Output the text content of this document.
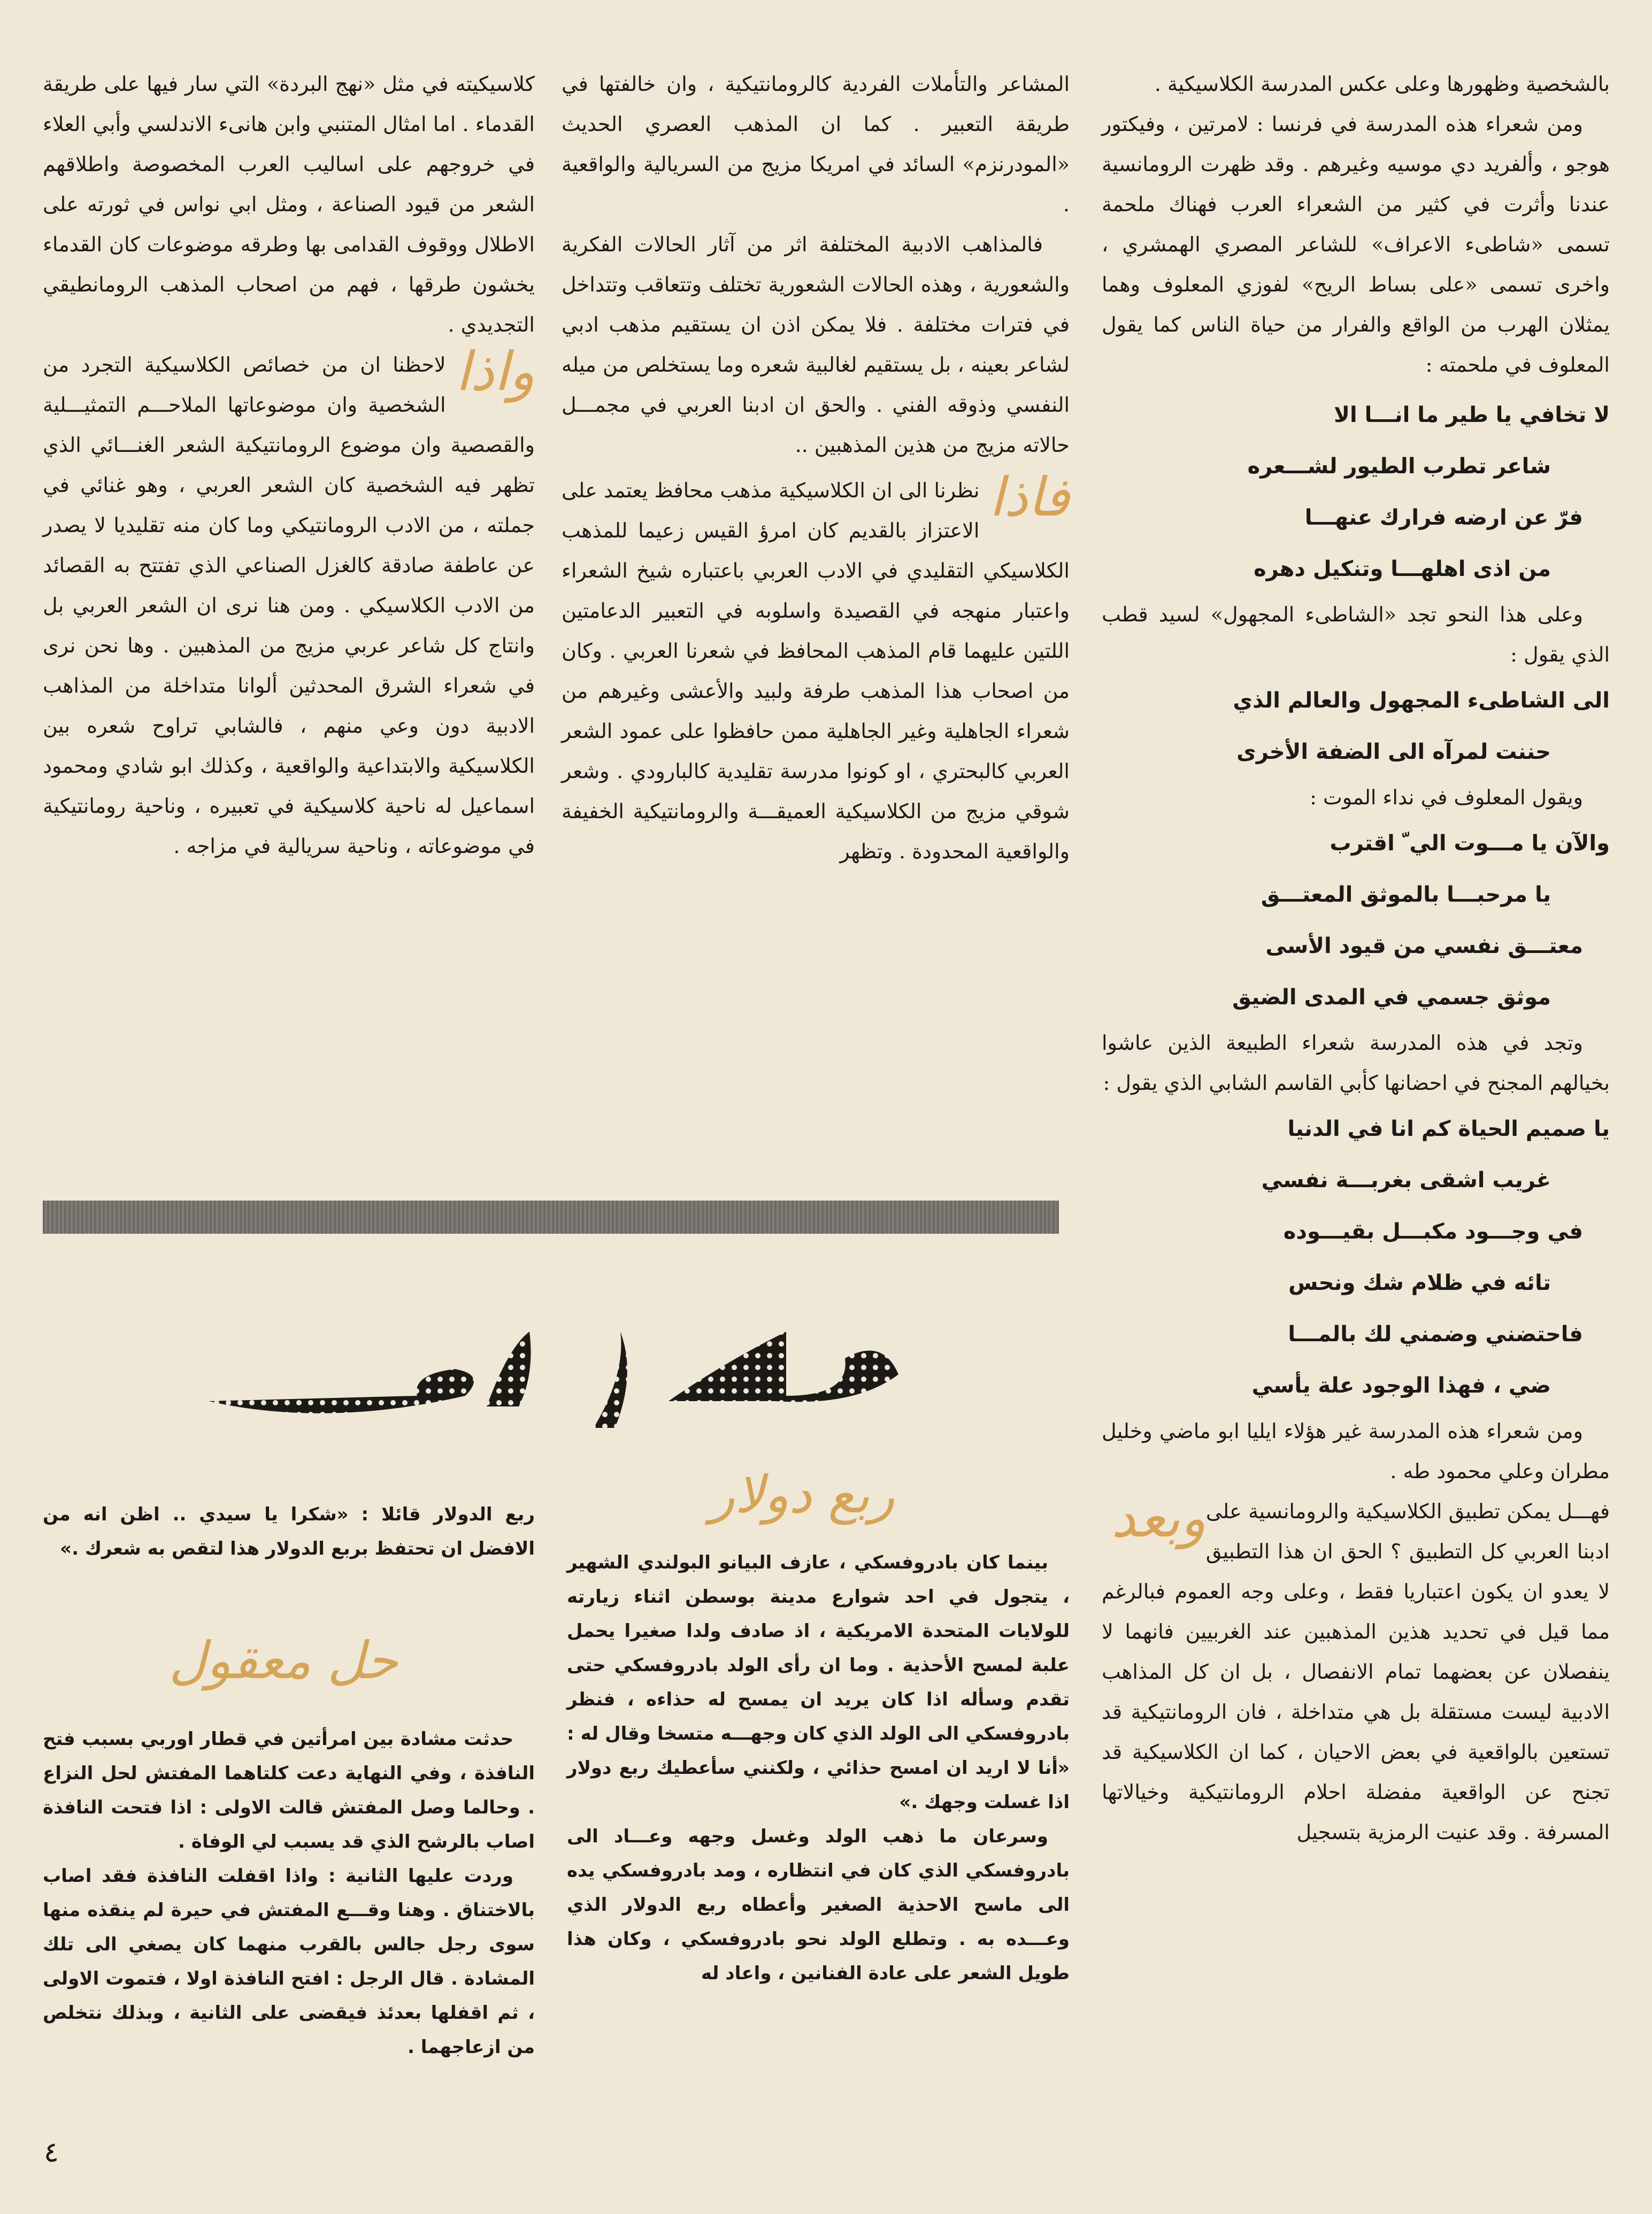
بالشخصية وظهورها وعلى عكس المدرسة الكلاسيكية .

ومن شعراء هذه المدرسة في فرنسا : لامرتين ، وفيكتور هوجو ، وألفريد دي موسيه وغيرهم . وقد ظهرت الرومانسية عندنا وأثرت في كثير من الشعراء العرب فهناك ملحمة تسمى «شاطىء الاعراف» للشاعر المصري الهمشري ، واخرى تسمى «على بساط الريح» لفوزي المعلوف وهما يمثلان الهرب من الواقع والفرار من حياة الناس كما يقول المعلوف في ملحمته :

لا تخافي يا طير ما انـــا الا

شاعر تطرب الطيور لشـــعره

فرّ عن ارضه فرارك عنهـــا

من اذى اهلهـــا وتنكيل دهره

وعلى هذا النحو تجد «الشاطىء المجهول» لسيد قطب الذي يقول :

الى الشاطىء المجهول والعالم الذي

حننت لمرآه الى الضفة الأخرى

ويقول المعلوف في نداء الموت :

والآن يا مـــوت الي ّ اقترب

يا مرحبـــا بالموثق المعتـــق

معتـــق نفسي من قيود الأسى

موثق جسمي في المدى الضيق

وتجد في هذه المدرسة شعراء الطبيعة الذين عاشوا بخيالهم المجنح في احضانها كأبي القاسم الشابي الذي يقول :

يا صميم الحياة كم انا في الدنيا

غريب اشقى بغربـــة نفسي

في وجـــود مكبـــل بقيـــوده

تائه في ظلام شك ونحس

فاحتضني وضمني لك بالمـــا

ضي ، فهذا الوجود علة يأسي

ومن شعراء هذه المدرسة غير هؤلاء ايليا ابو ماضي وخليل مطران وعلي محمود طه .

وبعد فهـــل يمكن تطبيق الكلاسيكية والرومانسية على ادبنا العربي كل التطبيق ؟ الحق ان هذا التطبيق لا يعدو ان يكون اعتباريا فقط ، وعلى وجه العموم فبالرغم مما قيل في تحديد هذين المذهبين عند الغربيين فانهما لا ينفصلان عن بعضهما تمام الانفصال ، بل ان كل المذاهب الادبية ليست مستقلة بل هي متداخلة ، فان الرومانتيكية قد تستعين بالواقعية في بعض الاحيان ، كما ان الكلاسيكية قد تجنح عن الواقعية مفضلة احلام الرومانتيكية وخيالاتها المسرفة . وقد عنيت الرمزية بتسجيل

المشاعر والتأملات الفردية كالرومانتيكية ، وان خالفتها في طريقة التعبير . كما ان المذهب العصري الحديث «المودرنزم» السائد في امريكا مزيج من السريالية والواقعية .

فالمذاهب الادبية المختلفة اثر من آثار الحالات الفكرية والشعورية ، وهذه الحالات الشعورية تختلف وتتعاقب وتتداخل في فترات مختلفة . فلا يمكن اذن ان يستقيم مذهب ادبي لشاعر بعينه ، بل يستقيم لغالبية شعره وما يستخلص من ميله النفسي وذوقه الفني . والحق ان ادبنا العربي في مجمـــل حالاته مزيج من هذين المذهبين ..

فاذا
نظرنا الى ان الكلاسيكية مذهب محافظ يعتمد على الاعتزاز بالقديم كان امرؤ القيس زعيما للمذهب الكلاسيكي التقليدي في الادب العربي باعتباره شيخ الشعراء واعتبار منهجه في القصيدة واسلوبه في التعبير الدعامتين اللتين عليهما قام المذهب المحافظ في شعرنا العربي . وكان من اصحاب هذا المذهب طرفة ولبيد والأعشى وغيرهم من شعراء الجاهلية وغير الجاهلية ممن حافظوا على عمود الشعر العربي كالبحتري ، او كونوا مدرسة تقليدية كالبارودي . وشعر شوقي مزيج من الكلاسيكية العميقـــة والرومانتيكية الخفيفة والواقعية المحدودة . وتظهر

كلاسيكيته في مثل «نهج البردة» التي سار فيها على طريقة القدماء . اما امثال المتنبي وابن هانىء الاندلسي وأبي العلاء في خروجهم على اساليب العرب المخصوصة واطلاقهم الشعر من قيود الصناعة ، ومثل ابي نواس في ثورته على الاطلال ووقوف القدامى بها وطرقه موضوعات كان القدماء يخشون طرقها ، فهم من اصحاب المذهب الرومانطيقي التجديدي .

واذا
لاحظنا ان من خصائص الكلاسيكية التجرد من الشخصية وان موضوعاتها الملاحـــم التمثيـــلية والقصصية وان موضوع الرومانتيكية الشعر الغنـــائي الذي تظهر فيه الشخصية كان الشعر العربي ، وهو غنائي في جملته ، من الادب الرومانتيكي وما كان منه تقليديا لا يصدر عن عاطفة صادقة كالغزل الصناعي الذي تفتتح به القصائد من الادب الكلاسيكي . ومن هنا نرى ان الشعر العربي بل وانتاج كل شاعر عربي مزيج من المذهبين . وها نحن نرى في شعراء الشرق المحدثين ألوانا متداخلة من المذاهب الادبية دون وعي منهم ، فالشابي تراوح شعره بين الكلاسيكية والابتداعية والواقعية ، وكذلك ابو شادي ومحمود اسماعيل له ناحية كلاسيكية في تعبيره ، وناحية رومانتيكية في موضوعاته ، وناحية سريالية في مزاجه .
ربع دولار

بينما كان بادروفسكي ، عازف البيانو البولندي الشهير ، يتجول في احد شوارع مدينة بوسطن اثناء زيارته للولايات المتحدة الامريكية ، اذ صادف ولدا صغيرا يحمل علبة لمسح الأحذية . وما ان رأى الولد بادروفسكي حتى تقدم وسأله اذا كان يريد ان يمسح له حذاءه ، فنظر بادروفسكي الى الولد الذي كان وجهـــه متسخا وقال له : «أنا لا اريد ان امسح حذائي ، ولكنني سأعطيك ربع دولار اذا غسلت وجهك .»

وسرعان ما ذهب الولد وغسل وجهه وعـــاد الى بادروفسكي الذي كان في انتظاره ، ومد بادروفسكي يده الى ماسح الاحذية الصغير وأعطاه ربع الدولار الذي وعـــده به . وتطلع الولد نحو بادروفسكي ، وكان هذا طويل الشعر على عادة الفنانين ، واعاد له

ربع الدولار قائلا : «شكرا يا سيدي .. اظن انه من الافضل ان تحتفظ بربع الدولار هذا لتقص به شعرك .»

حل معقول

حدثت مشادة بين امرأتين في قطار اوربي بسبب فتح النافذة ، وفي النهاية دعت كلتاهما المفتش لحل النزاع . وحالما وصل المفتش قالت الاولى : اذا فتحت النافذة اصاب بالرشح الذي قد يسبب لي الوفاة .

وردت عليها الثانية : واذا اقفلت النافذة فقد اصاب بالاختناق . وهنا وقـــع المفتش في حيرة لم ينقذه منها سوى رجل جالس بالقرب منهما كان يصغي الى تلك المشادة . قال الرجل : افتح النافذة اولا ، فتموت الاولى ، ثم اقفلها بعدئذ فيقضى على الثانية ، وبذلك نتخلص من ازعاجهما .

٤
